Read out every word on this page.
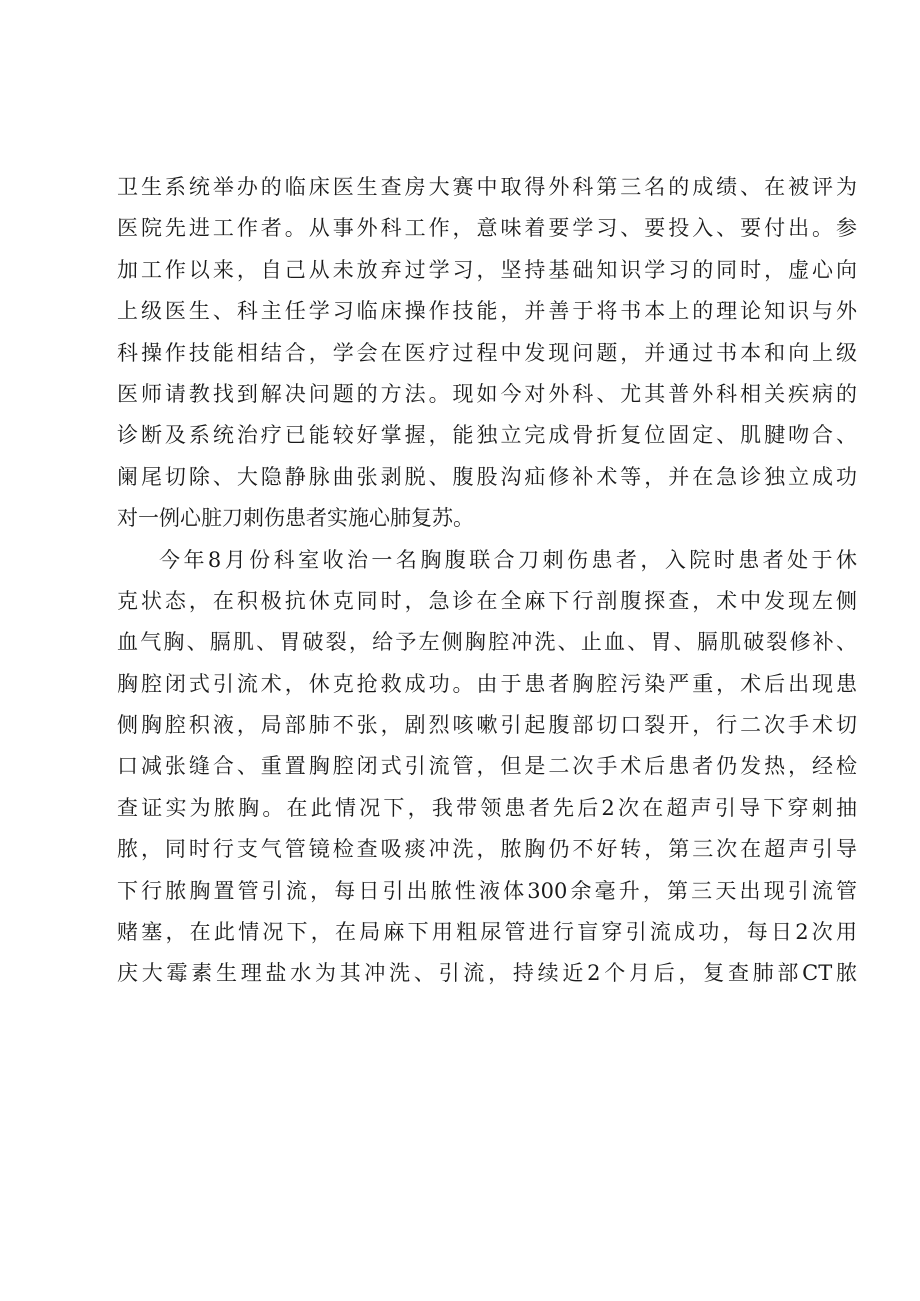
卫生系统举办的临床医生查房大赛中取得外科第三名的成绩、在被评为
医院先进工作者。从事外科工作，意味着要学习、要投入、要付出。参
加工作以来，自己从未放弃过学习，坚持基础知识学习的同时，虚心向
上级医生、科主任学习临床操作技能，并善于将书本上的理论知识与外
科操作技能相结合，学会在医疗过程中发现问题，并通过书本和向上级
医师请教找到解决问题的方法。现如今对外科、尤其普外科相关疾病的
诊断及系统治疗已能较好掌握，能独立完成骨折复位固定、肌腱吻合、
阑尾切除、大隐静脉曲张剥脱、腹股沟疝修补术等，并在急诊独立成功
对一例心脏刀刺伤患者实施心肺复苏。
今年8月份科室收治一名胸腹联合刀刺伤患者，入院时患者处于休
克状态，在积极抗休克同时，急诊在全麻下行剖腹探查，术中发现左侧
血气胸、膈肌、胃破裂，给予左侧胸腔冲洗、止血、胃、膈肌破裂修补、
胸腔闭式引流术，休克抢救成功。由于患者胸腔污染严重，术后出现患
侧胸腔积液，局部肺不张，剧烈咳嗽引起腹部切口裂开，行二次手术切
口减张缝合、重置胸腔闭式引流管，但是二次手术后患者仍发热，经检
查证实为脓胸。在此情况下，我带领患者先后2次在超声引导下穿刺抽
脓，同时行支气管镜检查吸痰冲洗，脓胸仍不好转，第三次在超声引导
下行脓胸置管引流，每日引出脓性液体300余毫升，第三天出现引流管
赌塞，在此情况下，在局麻下用粗尿管进行盲穿引流成功，每日2次用
庆大霉素生理盐水为其冲洗、引流，持续近2个月后，复查肺部CT脓
